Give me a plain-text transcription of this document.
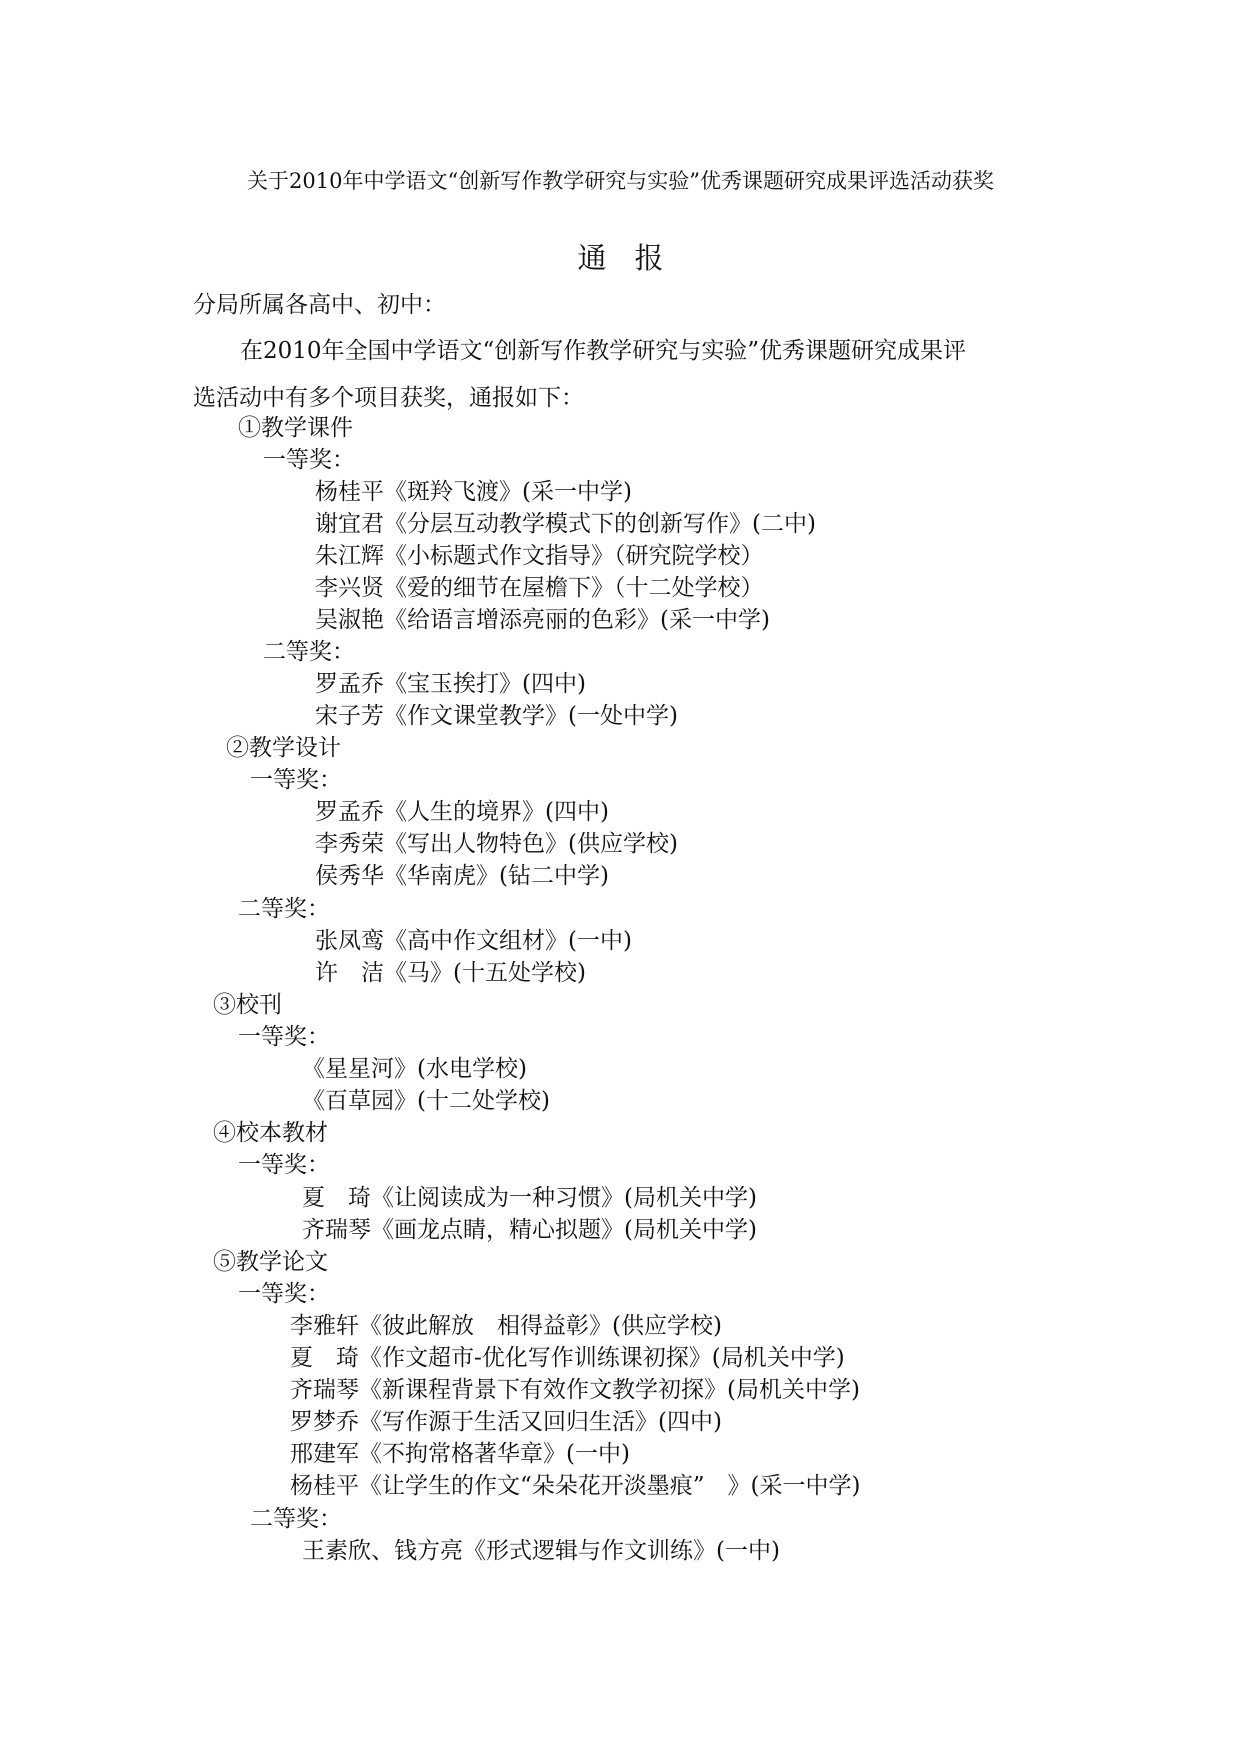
关于2010年中学语文“创新写作教学研究与实验”优秀课题研究成果评选活动获奖
通报
分局所属各高中、初中：
在2010年全国中学语文“创新写作教学研究与实验”优秀课题研究成果评
选活动中有多个项目获奖，通报如下：
①教学课件
一等奖：
杨桂平《斑羚飞渡》(采一中学)
谢宜君《分层互动教学模式下的创新写作》(二中)
朱江辉《小标题式作文指导》（研究院学校）
李兴贤《爱的细节在屋檐下》（十二处学校）
吴淑艳《给语言增添亮丽的色彩》(采一中学)
二等奖：
罗孟乔《宝玉挨打》(四中)
宋子芳《作文课堂教学》(一处中学)
②教学设计
一等奖：
罗孟乔《人生的境界》(四中)
李秀荣《写出人物特色》(供应学校)
侯秀华《华南虎》(钻二中学)
二等奖：
张凤鸾《高中作文组材》(一中)
许　洁《马》(十五处学校)
③校刊
一等奖：
《星星河》(水电学校)
《百草园》(十二处学校)
④校本教材
一等奖：
夏　琦《让阅读成为一种习惯》(局机关中学)
齐瑞琴《画龙点睛，精心拟题》(局机关中学)
⑤教学论文
一等奖：
李雅轩《彼此解放　相得益彰》(供应学校)
夏　琦《作文超市-优化写作训练课初探》(局机关中学)
齐瑞琴《新课程背景下有效作文教学初探》(局机关中学)
罗梦乔《写作源于生活又回归生活》(四中)
邢建军《不拘常格著华章》(一中)
杨桂平《让学生的作文“朵朵花开淡墨痕”　》(采一中学)
二等奖：
王素欣、钱方亮《形式逻辑与作文训练》(一中)
